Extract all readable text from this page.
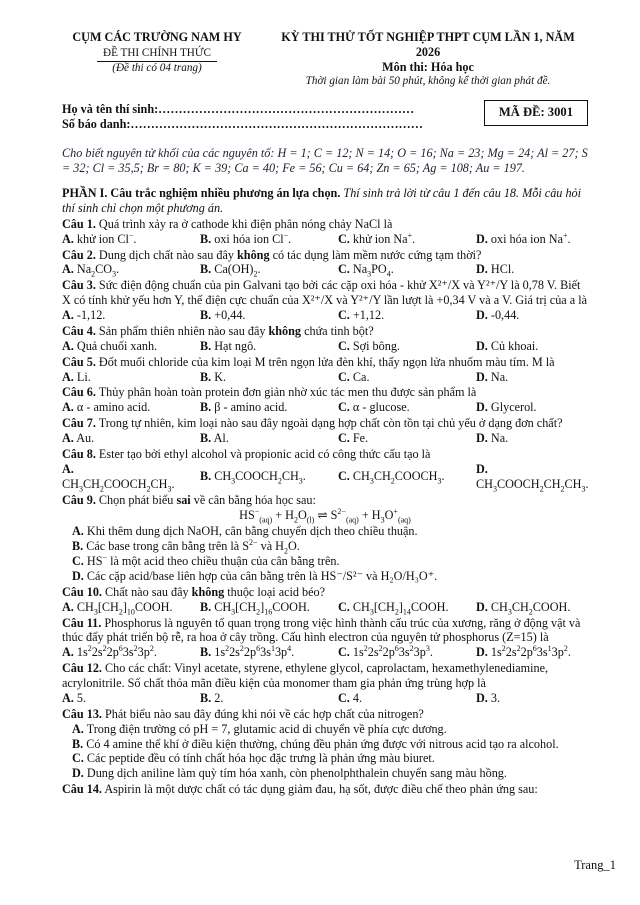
CỤM CÁC TRƯỜNG NAM HY
ĐỀ THI CHÍNH THỨC
(Đề thi có 04 trang)
KỲ THI THỬ TỐT NGHIỆP THPT CỤM LẦN 1, NĂM 2026
Môn thi: Hóa học
Thời gian làm bài 50 phút, không kể thời gian phát đề.
Họ và tên thí sinh:………………………………………………………
Số báo danh:………………………………………………………………
MÃ ĐỀ: 3001
Cho biết nguyên tử khối của các nguyên tố: H = 1; C = 12; N = 14; O = 16; Na = 23; Mg = 24; Al = 27; S = 32; Cl = 35,5; Br = 80; K = 39; Ca = 40; Fe = 56; Cu = 64; Zn = 65; Ag = 108; Au = 197.
PHẦN I. Câu trắc nghiệm nhiều phương án lựa chọn. Thí sinh trả lời từ câu 1 đến câu 18. Mỗi câu hỏi thí sinh chỉ chọn một phương án.
Câu 1. Quá trình xảy ra ở cathode khi điện phân nóng chảy NaCl là
A. khử ion Cl−.	B. oxi hóa ion Cl−.	C. khử ion Na+.	D. oxi hóa ion Na+.
Câu 2. Dung dịch chất nào sau đây không có tác dụng làm mềm nước cứng tạm thời?
A. $Na_2CO_3$.	B. $Ca(OH)_2$.	C. $Na_3PO_4$.	D. HCl.
Câu 3. Sức điện động chuẩn của pin Galvani tạo bởi các cặp oxi hóa - khử X²⁺/X và Y²⁺/Y là 0,78 V. Biết X có tính khử yếu hơn Y, thế điện cực chuẩn của X²⁺/X và Y²⁺/Y lần lượt là +0,34 V và a V. Giá trị của a là
A. -1,12.	B. +0,44.	C. +1,12.	D. -0,44.
Câu 4. Sản phẩm thiên nhiên nào sau đây không chứa tinh bột?
A. Quả chuối xanh.	B. Hạt ngô.	C. Sợi bông.	D. Củ khoai.
Câu 5. Đốt muối chloride của kim loại M trên ngọn lửa đèn khí, thấy ngọn lửa nhuốm màu tím. M là
A. Li.	B. K.	C. Ca.	D. Na.
Câu 6. Thủy phân hoàn toàn protein đơn giản nhờ xúc tác men thu được sản phẩm là
A. α - amino acid.	B. β - amino acid.	C. α - glucose.	D. Glycerol.
Câu 7. Trong tự nhiên, kim loại nào sau đây ngoài dạng hợp chất còn tồn tại chủ yếu ở dạng đơn chất?
A. Au.	B. Al.	C. Fe.	D. Na.
Câu 8. Ester tạo bởi ethyl alcohol và propionic acid có công thức cấu tạo là
A.
$CH_3CH_2COOCH_2CH_3$.
B. $CH_3COOCH_2CH_3$.	C. $CH_3CH_2COOCH_3$.
D.
$CH_3COOCH_2CH_2CH_3$.
Câu 9. Chọn phát biểu sai về cân bằng hóa học sau:
$HS^-_{(aq)} + H_2O_{(l)}$ ⇌ $S^{2-}_{(aq)} + H_3O^+_{(aq)}$
A. Khi thêm dung dịch NaOH, cân bằng chuyển dịch theo chiều thuận.
B. Các base trong cân bằng trên là $S^{2-}$ và $H_2O$.
C. HS− là một acid theo chiều thuận của cân bằng trên.
D. Các cặp acid/base liên hợp của cân bằng trên là HS⁻/S²⁻ và H₂O/H₃O⁺.
Câu 10. Chất nào sau đây không thuộc loại acid béo?
A. $CH_3[CH_2]_{10}COOH$.	B. $CH_3[CH_2]_{16}COOH$.	C. $CH_3[CH_2]_{14}COOH$.	D. $CH_3CH_2COOH$.
Câu 11. Phosphorus là nguyên tố quan trọng trong việc hình thành cấu trúc của xương, răng ở động vật và thúc đẩy phát triển bộ rễ, ra hoa ở cây trồng. Cấu hình electron của nguyên tử phosphorus (Z=15) là
A. $1s^22s^22p^63s^23p^2$.	B. $1s^22s^22p^63s^13p^4$.	C. $1s^22s^22p^63s^23p^3$.	D. $1s^22s^22p^63s^13p^2$.
Câu 12. Cho các chất: Vinyl acetate, styrene, ethylene glycol, caprolactam, hexamethylenediamine, acrylonitrile. Số chất thỏa mãn điều kiện của monomer tham gia phản ứng trùng hợp là
A. 5.	B. 2.	C. 4.	D. 3.
Câu 13. Phát biểu nào sau đây đúng khi nói về các hợp chất của nitrogen?
A. Trong điện trường có pH = 7, glutamic acid di chuyển về phía cực dương.
B. Có 4 amine thể khí ở điều kiện thường, chúng đều phản ứng được với nitrous acid tạo ra alcohol.
C. Các peptide đều có tính chất hóa học đặc trưng là phản ứng màu biuret.
D. Dung dịch aniline làm quỳ tím hóa xanh, còn phenolphthalein chuyển sang màu hồng.
Câu 14. Aspirin là một dược chất có tác dụng giảm đau, hạ sốt, được điều chế theo phản ứng sau:
Trang_1
